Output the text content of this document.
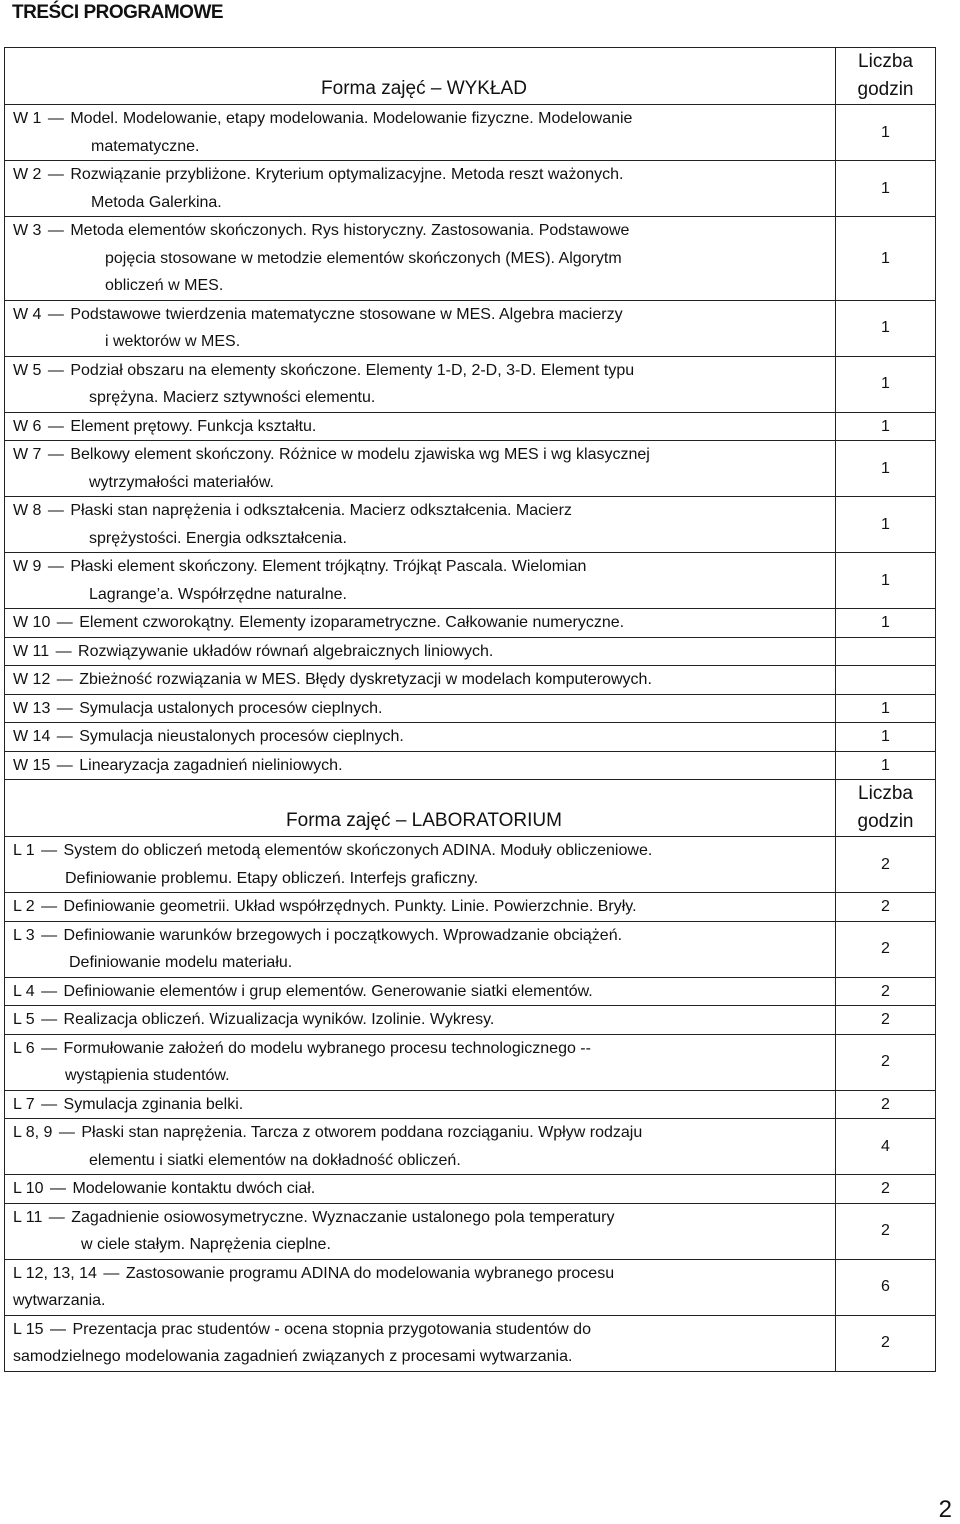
TREŚCI PROGRAMOWE
Forma zajęć – WYKŁAD	Liczba
godzin

W 1 — Model. Modelowanie, etapy modelowania. Modelowanie fizyczne. Modelowanie
matematyczne.	1

W 2 — Rozwiązanie przybliżone. Kryterium optymalizacyjne. Metoda reszt ważonych.
Metoda Galerkina.	1

W 3 — Metoda elementów skończonych. Rys historyczny. Zastosowania. Podstawowe
pojęcia stosowane w metodzie elementów skończonych (MES). Algorytm
obliczeń w MES.	1

W 4 — Podstawowe twierdzenia matematyczne stosowane w MES. Algebra macierzy
i wektorów w MES.	1

W 5 — Podział obszaru na elementy skończone. Elementy 1-D, 2-D, 3-D. Element typu
sprężyna. Macierz sztywności elementu.	1

W 6 — Element prętowy. Funkcja kształtu.	1

W 7 — Belkowy element skończony. Różnice w modelu zjawiska wg MES i wg klasycznej
wytrzymałości materiałów.	1

W 8 — Płaski stan naprężenia i odkształcenia. Macierz odkształcenia. Macierz
sprężystości. Energia odkształcenia.	1

W 9 — Płaski element skończony. Element trójkątny. Trójkąt Pascala. Wielomian
Lagrange’a. Współrzędne naturalne.	1

W 10 — Element czworokątny. Elementy izoparametryczne. Całkowanie numeryczne.	1

W 11 — Rozwiązywanie układów równań algebraicznych liniowych.	

W 12 — Zbieżność rozwiązania w MES. Błędy dyskretyzacji w modelach komputerowych.	

W 13 — Symulacja ustalonych procesów cieplnych.	1

W 14 — Symulacja nieustalonych procesów cieplnych.	1

W 15 — Linearyzacja zagadnień nieliniowych.	1
Forma zajęć – LABORATORIUM	Liczba
godzin

L 1 — System do obliczeń metodą elementów skończonych ADINA. Moduły obliczeniowe.
Definiowanie problemu. Etapy obliczeń. Interfejs graficzny.	2

L 2 — Definiowanie geometrii. Układ współrzędnych. Punkty. Linie. Powierzchnie. Bryły.	2

L 3 — Definiowanie warunków brzegowych i początkowych. Wprowadzanie obciążeń.
Definiowanie modelu materiału.	2

L 4 — Definiowanie elementów i grup elementów. Generowanie siatki elementów.	2

L 5 — Realizacja obliczeń. Wizualizacja wyników. Izolinie. Wykresy.	2

L 6 — Formułowanie założeń do modelu wybranego procesu technologicznego --
wystąpienia studentów.	2

L 7 — Symulacja zginania belki.	2

L 8, 9 — Płaski stan naprężenia. Tarcza z otworem poddana rozciąganiu. Wpływ rodzaju
elementu i siatki elementów na dokładność obliczeń.	4

L 10 — Modelowanie kontaktu dwóch ciał.	2

L 11 — Zagadnienie osiowosymetryczne. Wyznaczanie ustalonego pola temperatury
w ciele stałym. Naprężenia cieplne.	2

L 12, 13, 14 — Zastosowanie programu ADINA do modelowania wybranego procesu
wytwarzania.	6

L 15 — Prezentacja prac studentów - ocena stopnia przygotowania studentów do
samodzielnego modelowania zagadnień związanych z procesami wytwarzania.	2
2
